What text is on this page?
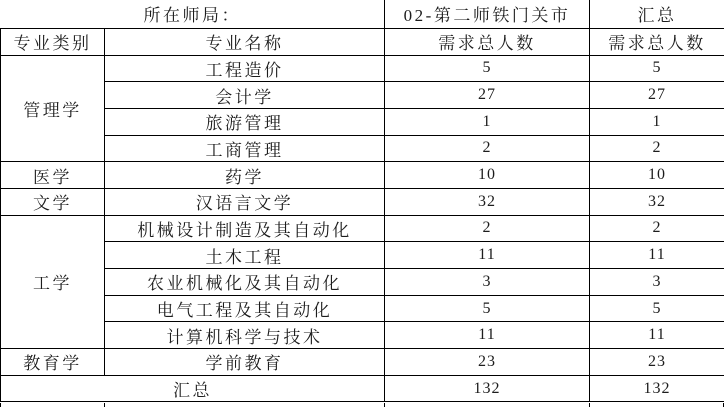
所在师局：		02-第二师铁门关市	汇总
专业类别	专业名称	需求总人数	需求总人数
管理学	工程造价	5	5
	会计学	27	27
	旅游管理	1	1
	工商管理	2	2
医学	药学	10	10
文学	汉语言文学	32	32
工学	机械设计制造及其自动化	2	2
	土木工程	11	11
	农业机械化及其自动化	3	3
	电气工程及其自动化	5	5
	计算机科学与技术	11	11
教育学	学前教育	23	23
汇总		132	132
